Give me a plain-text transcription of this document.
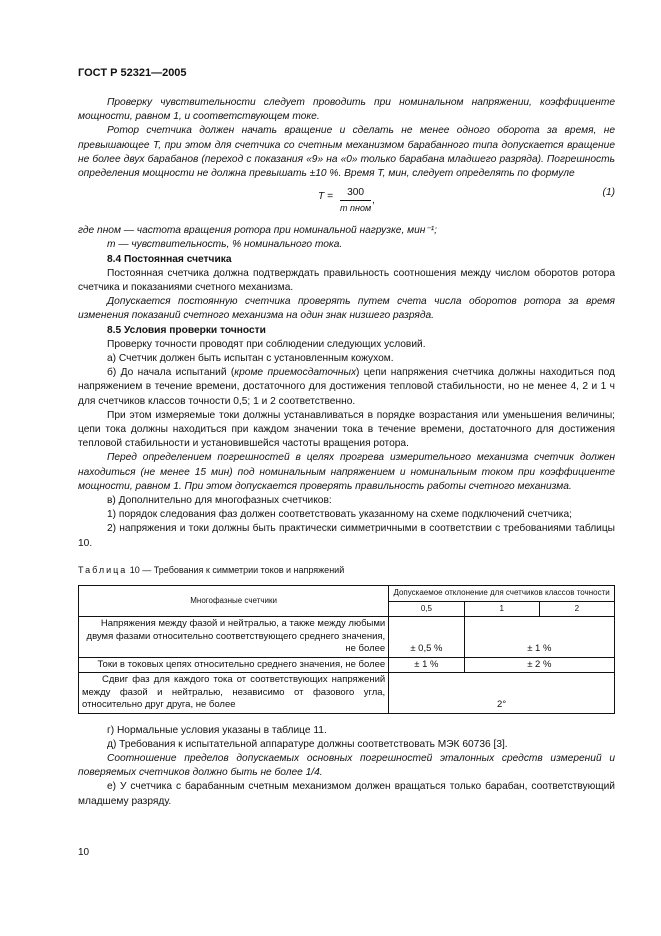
ГОСТ Р 52321—2005

Проверку чувствительности следует проводить при номинальном напряжении, коэффициенте мощности, равном 1, и соответствующем токе.

Ротор счетчика должен начать вращение и сделать не менее одного оборота за время, не превышающее T, при этом для счетчика со счетным механизмом барабанного типа допускается вращение не более двух барабанов (переход с показания «9» на «0» только барабана младшего разряда). Погрешность определения мощности не должна превышать ±10 %. Время T, мин, следует определять по формуле

T =	300
m nном
,
(1)

где nном — частота вращения ротора при номинальной нагрузке, мин⁻¹;

m — чувствительность, % номинального тока.

8.4 Постоянная счетчика

Постоянная счетчика должна подтверждать правильность соотношения между числом оборотов ротора счетчика и показаниями счетного механизма.

Допускается постоянную счетчика проверять путем счета числа оборотов ротора за время изменения показаний счетного механизма на один знак низшего разряда.

8.5 Условия проверки точности

Проверку точности проводят при соблюдении следующих условий.

а) Счетчик должен быть испытан с установленным кожухом.

б) До начала испытаний (кроме приемосдаточных) цепи напряжения счетчика должны находиться под напряжением в течение времени, достаточного для достижения тепловой стабильности, но не менее 4, 2 и 1 ч для счетчиков классов точности 0,5; 1 и 2 соответственно.

При этом измеряемые токи должны устанавливаться в порядке возрастания или уменьшения величины; цепи тока должны находиться при каждом значении тока в течение времени, достаточного для достижения тепловой стабильности и установившейся частоты вращения ротора.

Перед определением погрешностей в целях прогрева измерительного механизма счетчик должен находиться (не менее 15 мин) под номинальным напряжением и номинальным током при коэффициенте мощности, равном 1. При этом допускается проверять правильность работы счетного механизма.

в) Дополнительно для многофазных счетчиков:

1) порядок следования фаз должен соответствовать указанному на схеме подключений счетчика;

2) напряжения и токи должны быть практически симметричными в соответствии с требованиями таблицы 10.

Таблица 10 — Требования к симметрии токов и напряжений
Многофазные счетчики	Допускаемое отклонение для счетчиков классов точности		
	0,5	1	2
Напряжения между фазой и нейтралью, а также между любыми двумя фазами относительно соответствующего среднего значения, не более	± 0,5 %	± 1 %	
Токи в токовых цепях относительно среднего значения, не более	± 1 %	± 2 %	
Сдвиг фаз для каждого тока от соответствующих напряжений между фазой и нейтралью, независимо от фазового угла, относительно друг друга, не более	2°		

г) Нормальные условия указаны в таблице 11.

д) Требования к испытательной аппаратуре должны соответствовать МЭК 60736 [3].

Соотношение пределов допускаемых основных погрешностей эталонных средств измерений и поверяемых счетчиков должно быть не более 1/4.

е) У счетчика с барабанным счетным механизмом должен вращаться только барабан, соответствующий младшему разряду.

10
